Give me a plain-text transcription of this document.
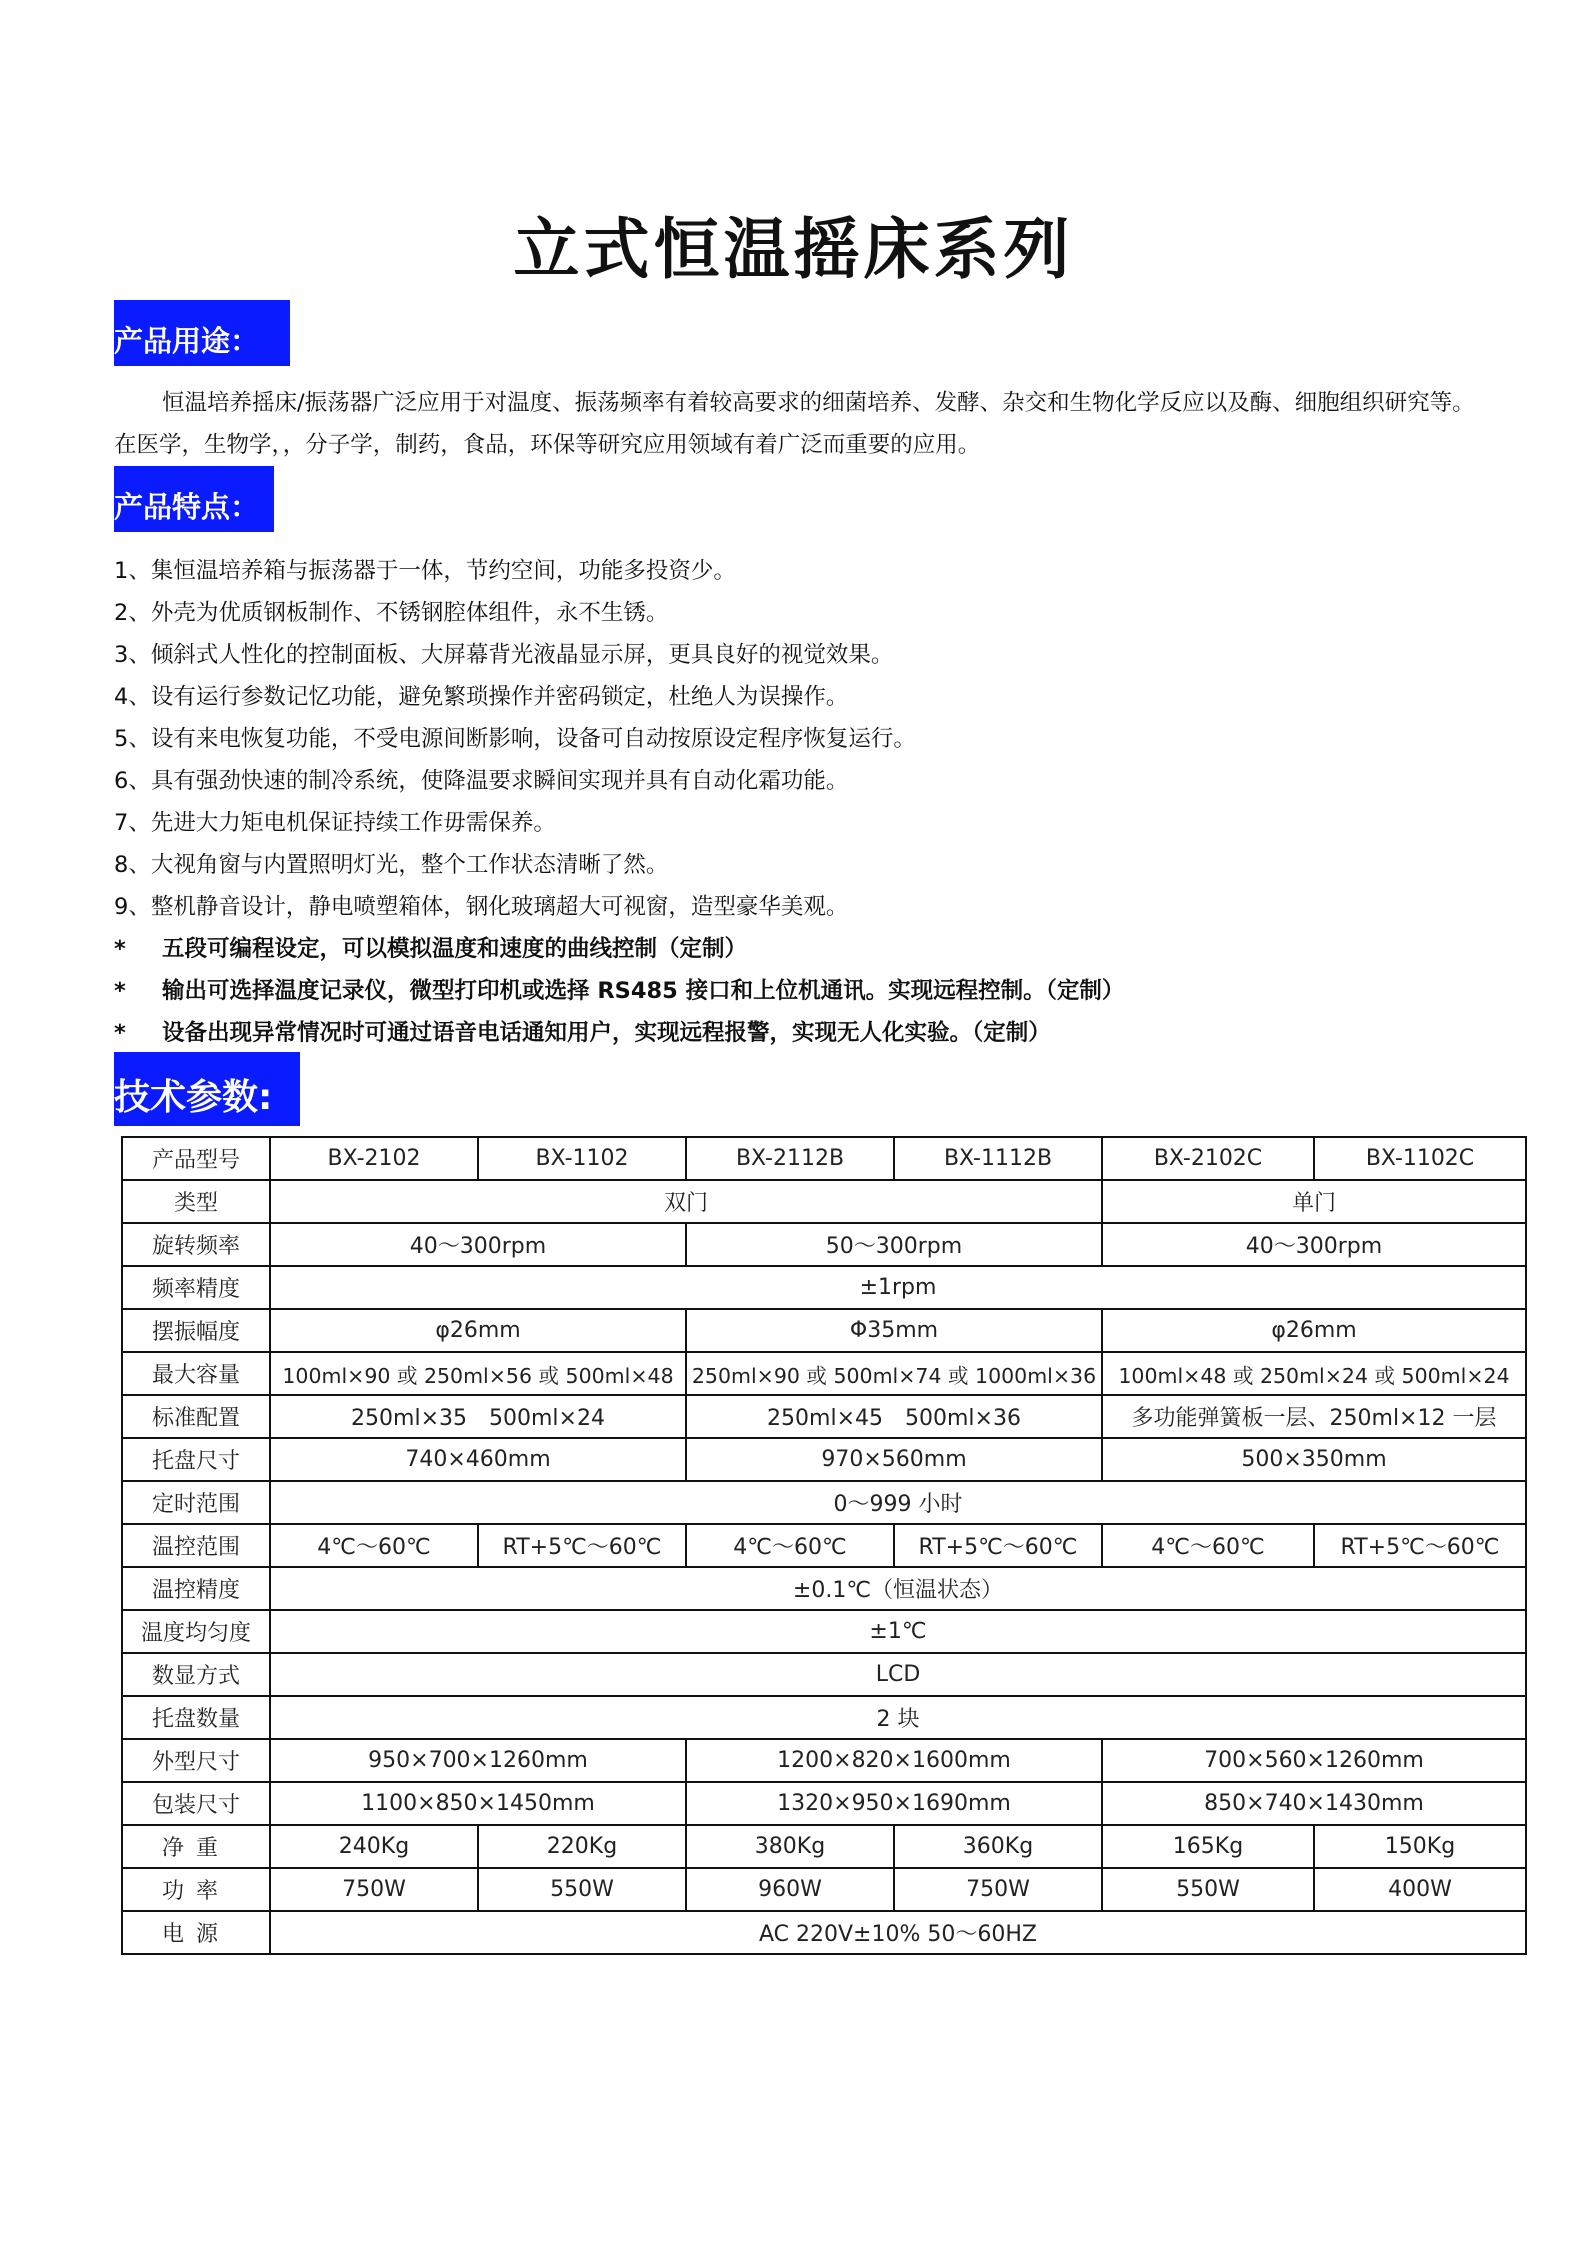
立式恒温摇床系列
产品用途：
恒温培养摇床/振荡器广泛应用于对温度、振荡频率有着较高要求的细菌培养、发酵、杂交和生物化学反应以及酶、细胞组织研究等。在医学，生物学，，分子学，制药，食品，环保等研究应用领域有着广泛而重要的应用。
产品特点：
1、集恒温培养箱与振荡器于一体，节约空间，功能多投资少。
2、外壳为优质钢板制作、不锈钢腔体组件，永不生锈。
3、倾斜式人性化的控制面板、大屏幕背光液晶显示屏，更具良好的视觉效果。
4、设有运行参数记忆功能，避免繁琐操作并密码锁定，杜绝人为误操作。
5、设有来电恢复功能，不受电源间断影响，设备可自动按原设定程序恢复运行。
6、具有强劲快速的制冷系统，使降温要求瞬间实现并具有自动化霜功能。
7、先进大力矩电机保证持续工作毋需保养。
8、大视角窗与内置照明灯光，整个工作状态清晰了然。
9、整机静音设计，静电喷塑箱体，钢化玻璃超大可视窗，造型豪华美观。
*	五段可编程设定，可以模拟温度和速度的曲线控制（定制）
*	输出可选择温度记录仪，微型打印机或选择 RS485 接口和上位机通讯。实现远程控制。（定制）
*	设备出现异常情况时可通过语音电话通知用户，实现远程报警，实现无人化实验。（定制）
技术参数:
产品型号	BX-2102	BX-1102	BX-2112B	BX-1112B	BX-2102C	BX-1102C
类型	双门				单门	
旋转频率	40～300rpm		50～300rpm		40～300rpm	
频率精度	±1rpm					
摆振幅度	φ26mm		Φ35mm		φ26mm	
最大容量	100ml×90 或 250ml×56 或 500ml×48		250ml×90 或 500ml×74 或 1000ml×36		100ml×48 或 250ml×24 或 500ml×24	
标准配置	250ml×35　500ml×24		250ml×45　500ml×36		多功能弹簧板一层、250ml×12 一层	
托盘尺寸	740×460mm		970×560mm		500×350mm	
定时范围	0～999 小时					
温控范围	4℃～60℃	RT+5℃～60℃	4℃～60℃	RT+5℃～60℃	4℃～60℃	RT+5℃～60℃
温控精度	±0.1℃（恒温状态）					
温度均匀度	±1℃					
数显方式	LCD					
托盘数量	2 块					
外型尺寸	950×700×1260mm		1200×820×1600mm		700×560×1260mm	
包装尺寸	1100×850×1450mm		1320×950×1690mm		850×740×1430mm	
净重	240Kg	220Kg	380Kg	360Kg	165Kg	150Kg
功率	750W	550W	960W	750W	550W	400W
电源	AC 220V±10% 50～60HZ					
